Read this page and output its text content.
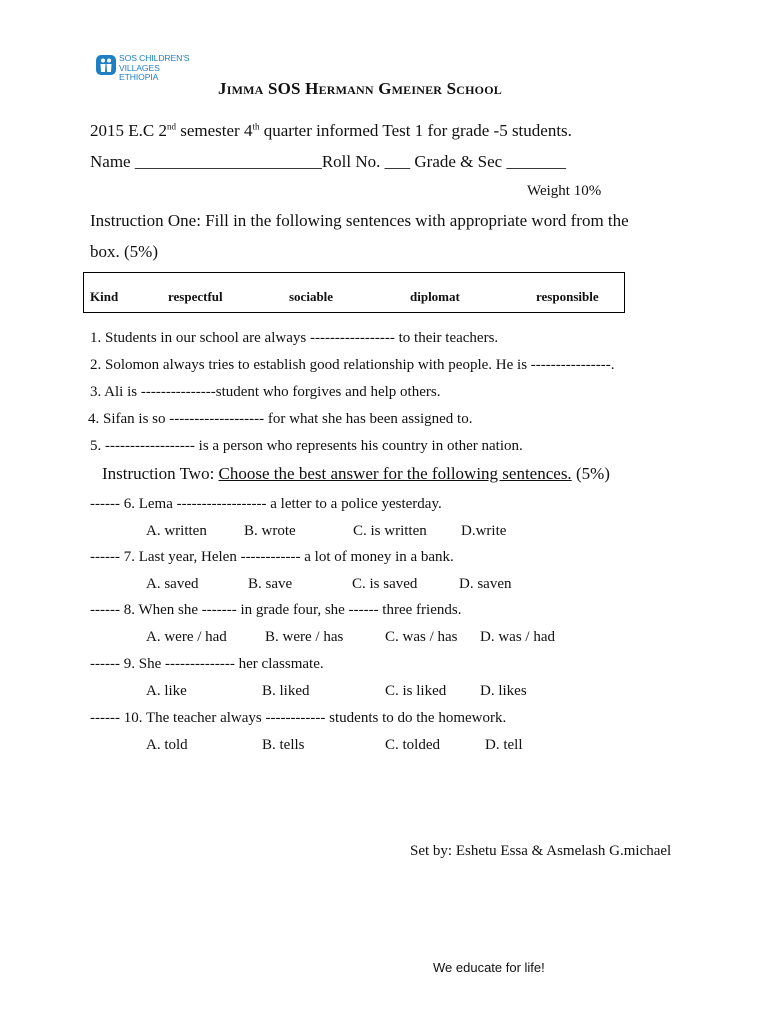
SOS CHILDREN'S
VILLAGES
ETHIOPIA
Jimma SOS Hermann Gmeiner School
2015 E.C 2nd semester 4th quarter informed Test 1 for grade -5 students.
Name ______________________Roll No. ___ Grade & Sec _______
Weight 10%
Instruction One: Fill in the following sentences with appropriate word from the
box. (5%)
Kind	respectful	sociable	diplomat	responsible
1. Students in our school are always ----------------- to their teachers.
2. Solomon always tries to establish good relationship with people. He is ----------------.
3. Ali is ---------------student who forgives and help others.
4. Sifan is so ------------------- for what she has been assigned to.
5. ------------------ is a person who represents his country in other nation.
Instruction Two: Choose the best answer for the following sentences. (5%)
------ 6. Lema ------------------ a letter to a police yesterday.
A. written B. wrote	C. is written D.write
------ 7. Last year, Helen ------------ a lot of money in a bank.
A. saved	B. save	C. is saved	D. saven
------ 8. When she ------- in grade four, she ------ three friends.
A. were / had	B. were / has	C. was / has D. was / had
------ 9. She -------------- her classmate.
A. like	B. liked	C. is liked D. likes
------ 10. The teacher always ------------ students to do the homework.
A. told	B. tells	C. tolded	D. tell
Set by: Eshetu Essa & Asmelash G.michael
We educate for life!
